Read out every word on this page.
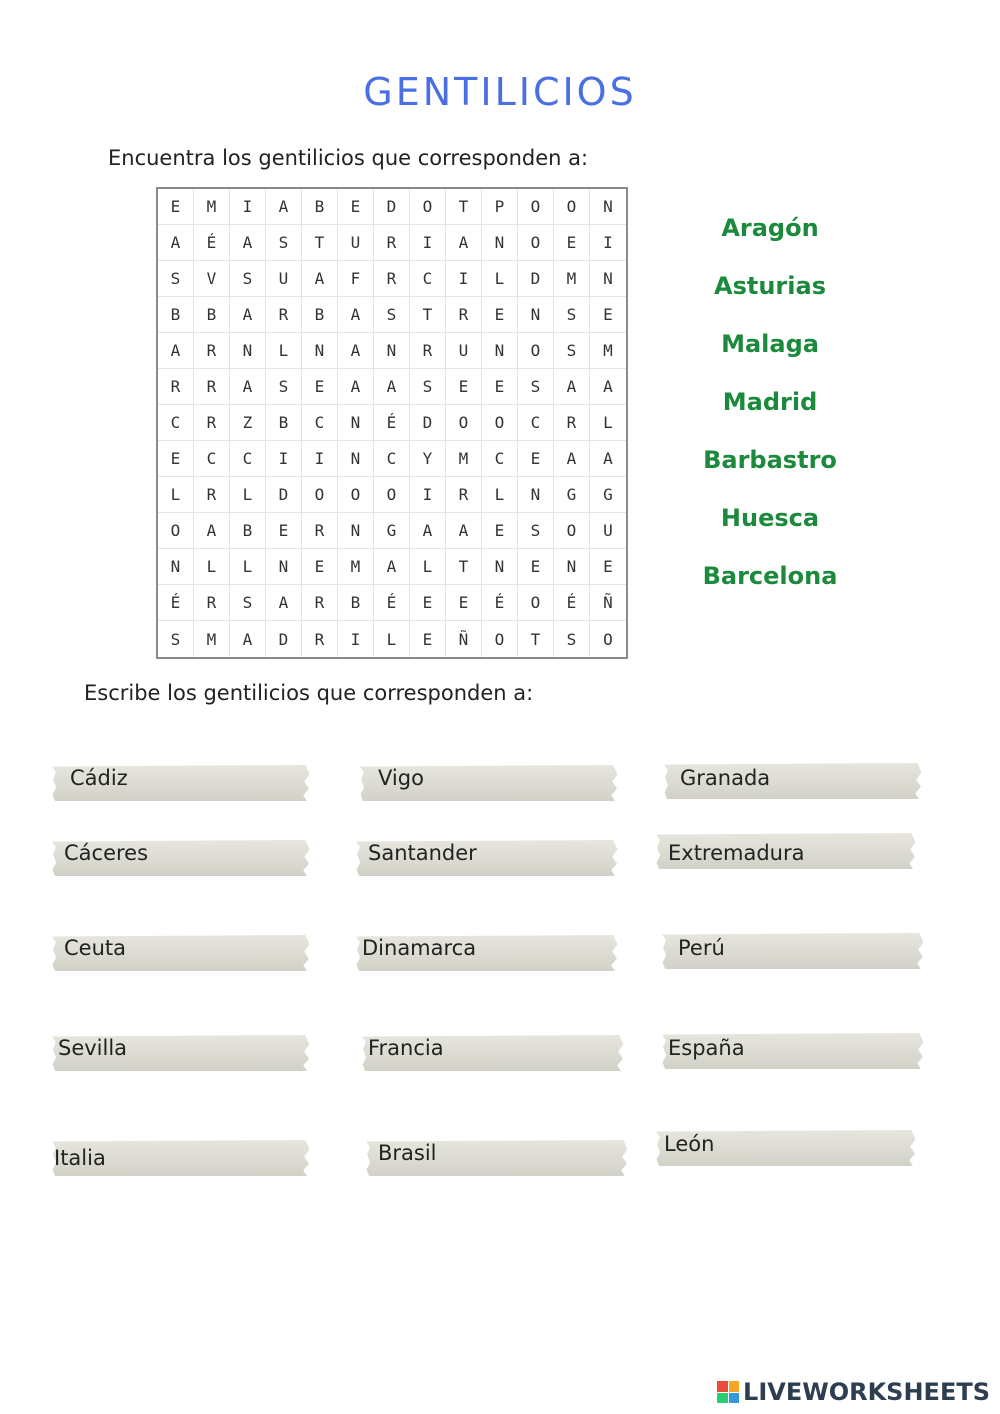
GENTILICIOS
Encuentra los gentilicios que corresponden a:
E	M	I	A	B	E	D	O	T	P	O	O	N
A	É	A	S	T	U	R	I	A	N	O	E	I
S	V	S	U	A	F	R	C	I	L	D	M	N
B	B	A	R	B	A	S	T	R	E	N	S	E
A	R	N	L	N	A	N	R	U	N	O	S	M
R	R	A	S	E	A	A	S	E	E	S	A	A
C	R	Z	B	C	N	É	D	O	O	C	R	L
E	C	C	I	I	N	C	Y	M	C	E	A	A
L	R	L	D	O	O	O	I	R	L	N	G	G
O	A	B	E	R	N	G	A	A	E	S	O	U
N	L	L	N	E	M	A	L	T	N	E	N	E
É	R	S	A	R	B	É	E	E	É	O	É	Ñ
S	M	A	D	R	I	L	E	Ñ	O	T	S	O
Aragón
Asturias
Malaga
Madrid
Barbastro
Huesca
Barcelona
Escribe los gentilicios que corresponden a:
Cádiz	Vigo	Granada
Cáceres	Santander	Extremadura
Ceuta	Dinamarca	Perú
Sevilla	Francia	España
Italia	Brasil	León
LIVEWORKSHEETS
